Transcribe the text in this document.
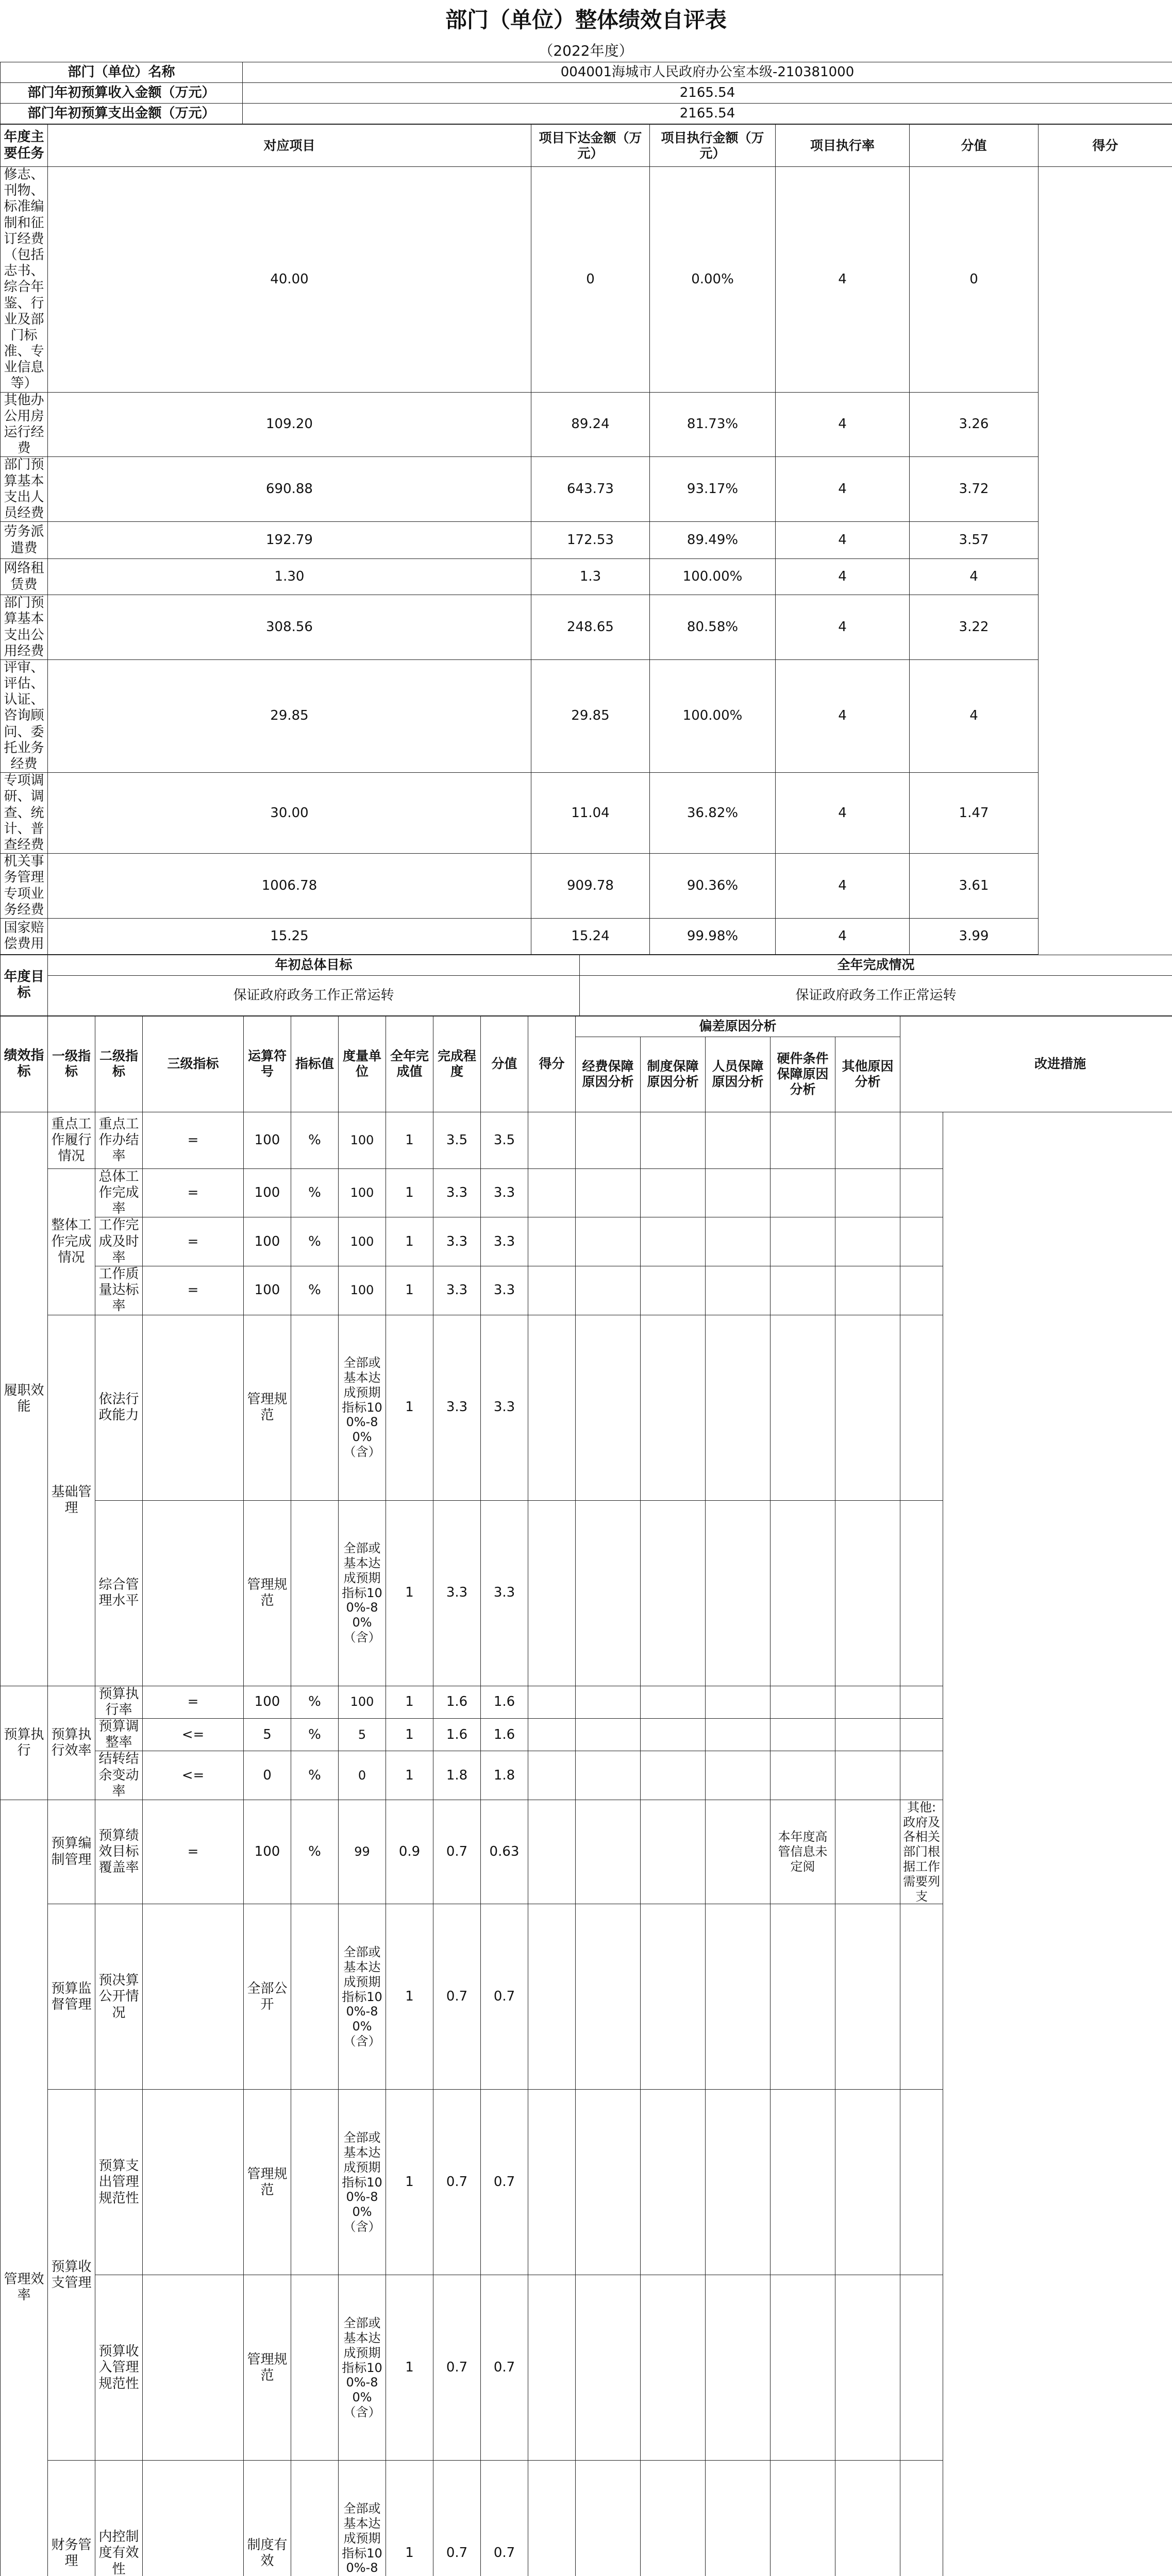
部门（单位）整体绩效自评表
（2022年度）
部门（单位）名称	004001海城市人民政府办公室本级-210381000
部门年初预算收入金额（万元）	2165.54
部门年初预算支出金额（万元）	2165.54
年度主要任务	对应项目	项目下达金额（万元）	项目执行金额（万元）	项目执行率	分值	得分
修志、刊物、标准编制和征订经费（包括志书、综合年鉴、行业及部门标准、专业信息等）	40.00	0	0.00%	4	0	
其他办公用房运行经费	109.20	89.24	81.73%	4	3.26	
部门预算基本支出人员经费	690.88	643.73	93.17%	4	3.72	
劳务派遣费	192.79	172.53	89.49%	4	3.57	
网络租赁费	1.30	1.3	100.00%	4	4	
部门预算基本支出公用经费	308.56	248.65	80.58%	4	3.22	
评审、评估、认证、咨询顾问、委托业务经费	29.85	29.85	100.00%	4	4	
专项调研、调查、统计、普查经费	30.00	11.04	36.82%	4	1.47	
机关事务管理专项业务经费	1006.78	909.78	90.36%	4	3.61	
国家赔偿费用	15.25	15.24	99.98%	4	3.99	
年度目标	年初总体目标	全年完成情况
	保证政府政务工作正常运转	保证政府政务工作正常运转
绩效指标	一级指标	二级指标	三级指标	运算符号	指标值	度量单位	全年完成值	完成程度	分值	得分	偏差原因分析					改进措施
											经费保障原因分析	制度保障原因分析	人员保障原因分析	硬件条件保障原因分析	其他原因分析	
履职效能	重点工作履行情况	重点工作办结率	=	100	%	100	1	3.5	3.5							
	整体工作完成情况	总体工作完成率	=	100	%	100	1	3.3	3.3							
		工作完成及时率	=	100	%	100	1	3.3	3.3							
		工作质量达标率	=	100	%	100	1	3.3	3.3							
	基础管理	依法行政能力		管理规范		全部或基本达成预期指标100%-80%（含）	1	3.3	3.3							
		综合管理水平		管理规范		全部或基本达成预期指标100%-80%（含）	1	3.3	3.3							
预算执行	预算执行效率	预算执行率	=	100	%	100	1	1.6	1.6							
		预算调整率	<=	5	%	5	1	1.6	1.6							
		结转结余变动率	<=	0	%	0	1	1.8	1.8							
管理效率	预算编制管理	预算绩效目标覆盖率	=	100	%	99	0.9	0.7	0.63					本年度高管信息未定阅		其他:政府及各相关部门根据工作需要列支
	预算监督管理	预决算公开情况		全部公开		全部或基本达成预期指标100%-80%（含）	1	0.7	0.7							
	预算收支管理	预算支出管理规范性		管理规范		全部或基本达成预期指标100%-80%（含）	1	0.7	0.7							
		预算收入管理规范性		管理规范		全部或基本达成预期指标100%-80%（含）	1	0.7	0.7							
	财务管理	内控制度有效性		制度有效		全部或基本达成预期指标100%-8	1	0.7	0.7							
